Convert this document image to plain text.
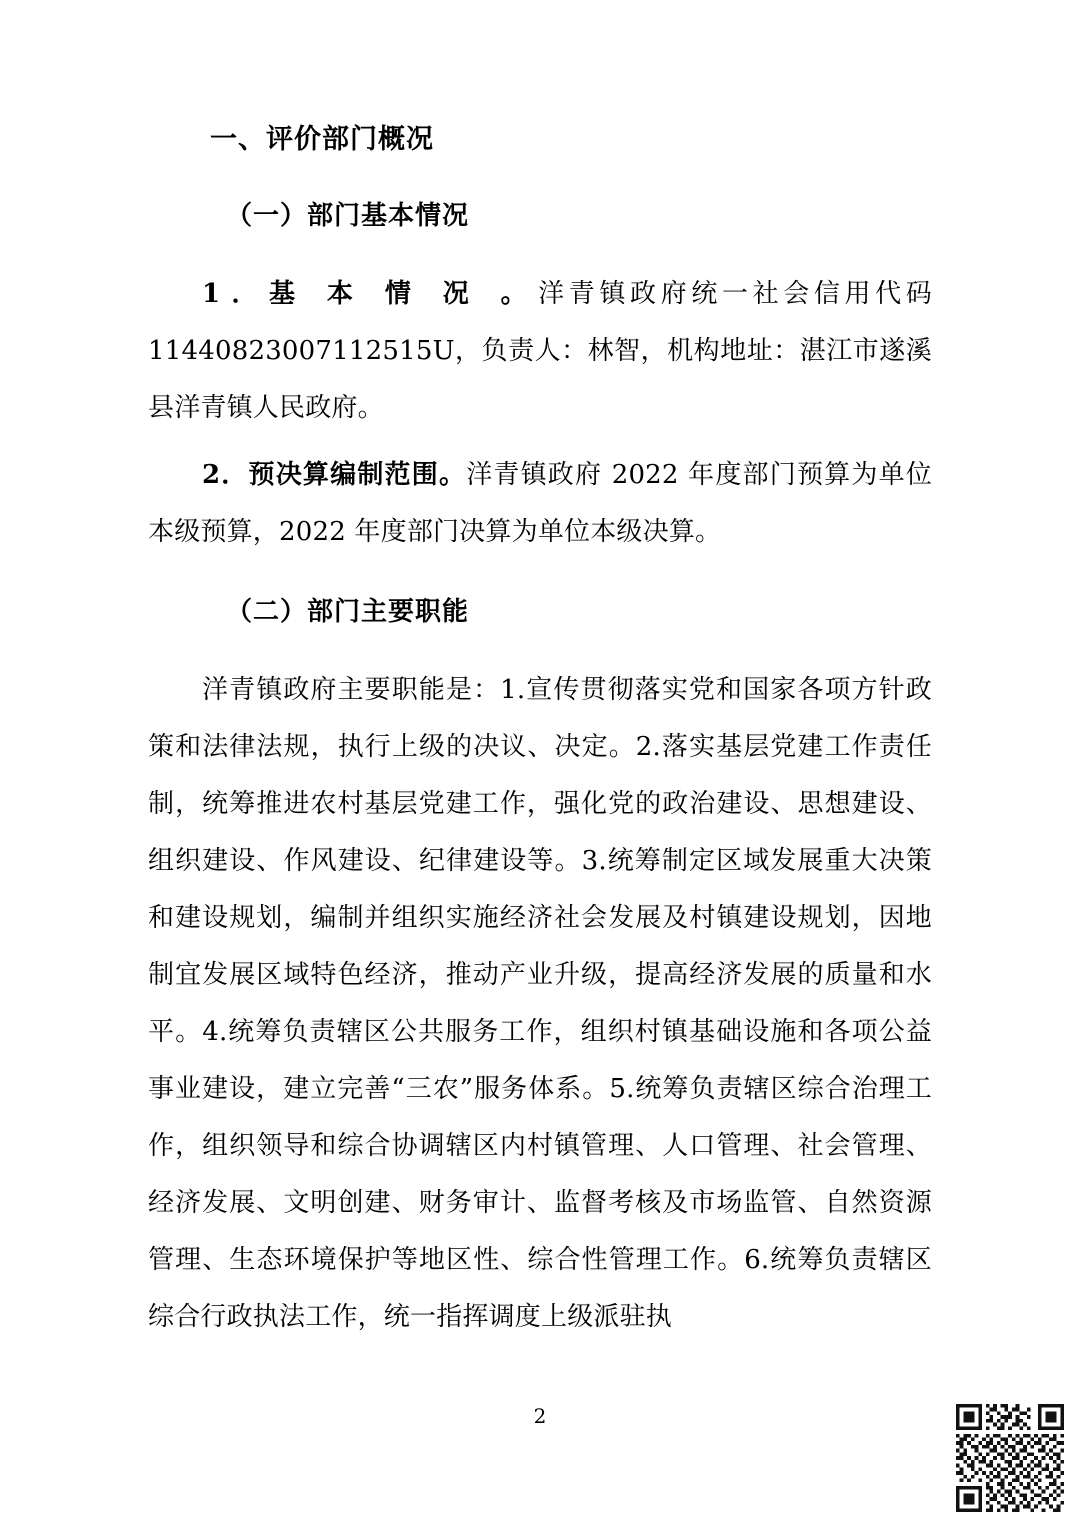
一、评价部门概况
（一）部门基本情况

1．基 本 情 况 。洋青镇政府统一社会信用代码 11440823007112515U，负责人：林智，机构地址：湛江市遂溪县洋青镇人民政府。

2．预决算编制范围。洋青镇政府 2022 年度部门预算为单位本级预算，2022 年度部门决算为单位本级决算。

（二）部门主要职能

洋青镇政府主要职能是：1.宣传贯彻落实党和国家各项方针政策和法律法规，执行上级的决议、决定。2.落实基层党建工作责任制，统筹推进农村基层党建工作，强化党的政治建设、思想建设、组织建设、作风建设、纪律建设等。3.统筹制定区域发展重大决策和建设规划，编制并组织实施经济社会发展及村镇建设规划，因地制宜发展区域特色经济，推动产业升级，提高经济发展的质量和水平。4.统筹负责辖区公共服务工作，组织村镇基础设施和各项公益事业建设，建立完善“三农”服务体系。5.统筹负责辖区综合治理工作，组织领导和综合协调辖区内村镇管理、人口管理、社会管理、经济发展、文明创建、财务审计、监督考核及市场监管、自然资源管理、生态环境保护等地区性、综合性管理工作。6.统筹负责辖区综合行政执法工作，统一指挥调度上级派驻执

2
